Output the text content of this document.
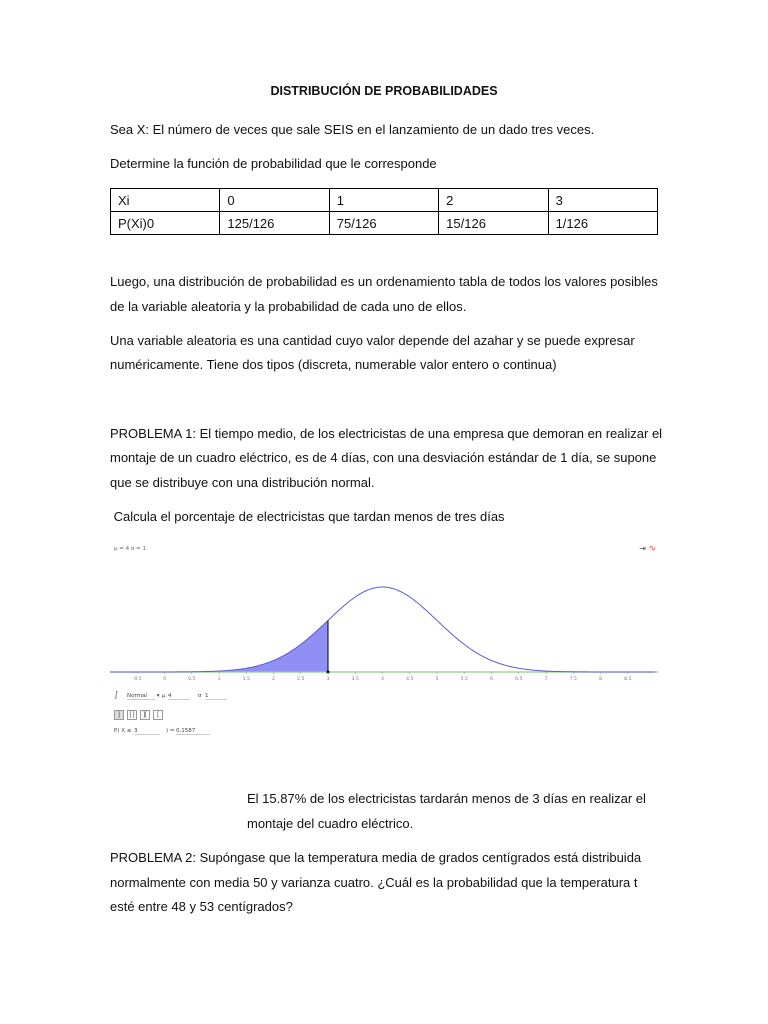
DISTRIBUCIÓN DE PROBABILIDADES

Sea X: El número de veces que sale SEIS en el lanzamiento de un dado tres veces.

Determine la función de probabilidad que le corresponde

Xi	0	1	2	3
P(Xi)0	125/126	75/126	15/126	1/126

Luego, una distribución de probabilidad es un ordenamiento tabla de todos los valores posibles

de la variable aleatoria y la probabilidad de cada uno de ellos.

Una variable aleatoria es una cantidad cuyo valor depende del azahar y se puede expresar

numéricamente. Tiene dos tipos (discreta, numerable valor entero o continua)

PROBLEMA 1: El tiempo medio, de los electricistas de una empresa que demoran en realizar el

montaje de un cuadro eléctrico, es de 4 días, con una desviación estándar de 1 día, se supone

que se distribuye con una distribución normal.

Calcula el porcentaje de electricistas que tardan menos de tres días

μ = 4 σ = 1	⇥ ∿
-0.5	0	0.5	1	1.5	2	2.5	3	3.5	4	4.5	5	5.5	6	6.5	7	7.5	8	8.5
∫ Normal ▾ μ 4	σ 1
]	[ ]	][	[
P( X ≤ 3	) = 0.1587

El 15.87% de los electricistas tardarán menos de 3 días en realizar el

montaje del cuadro eléctrico.

PROBLEMA 2: Supóngase que la temperatura media de grados centígrados está distribuida

normalmente con media 50 y varianza cuatro. ¿Cuál es la probabilidad que la temperatura t

esté entre 48 y 53 centígrados?
